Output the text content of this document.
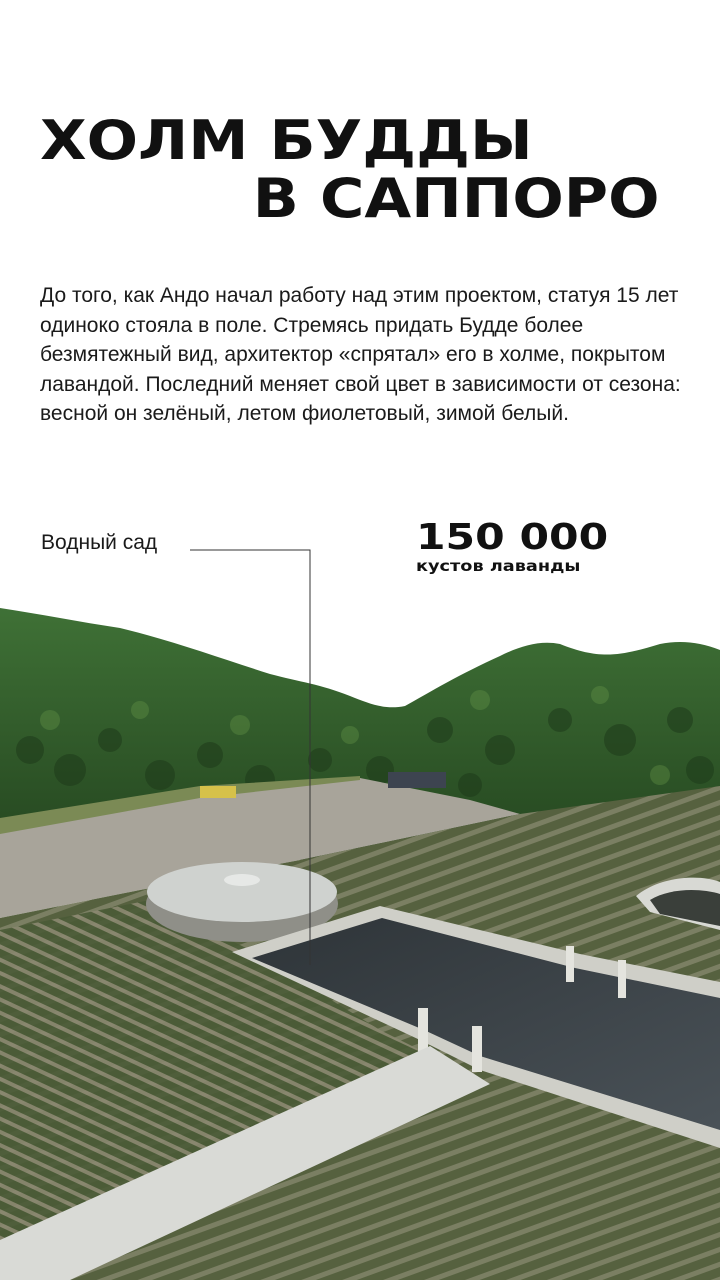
ХОЛМ БУДДЫ
В САППОРО

До того, как Андо начал работу над этим проектом, статуя 15 лет одиноко стояла в поле. Стремясь придать Будде более безмятежный вид, архитектор «спрятал» его в холме, покрытом лавандой. Последний меняет свой цвет в зависимости от сезона: весной он зелёный, летом фиолетовый, зимой белый.

Водный сад	150 000
кустов лаванды
